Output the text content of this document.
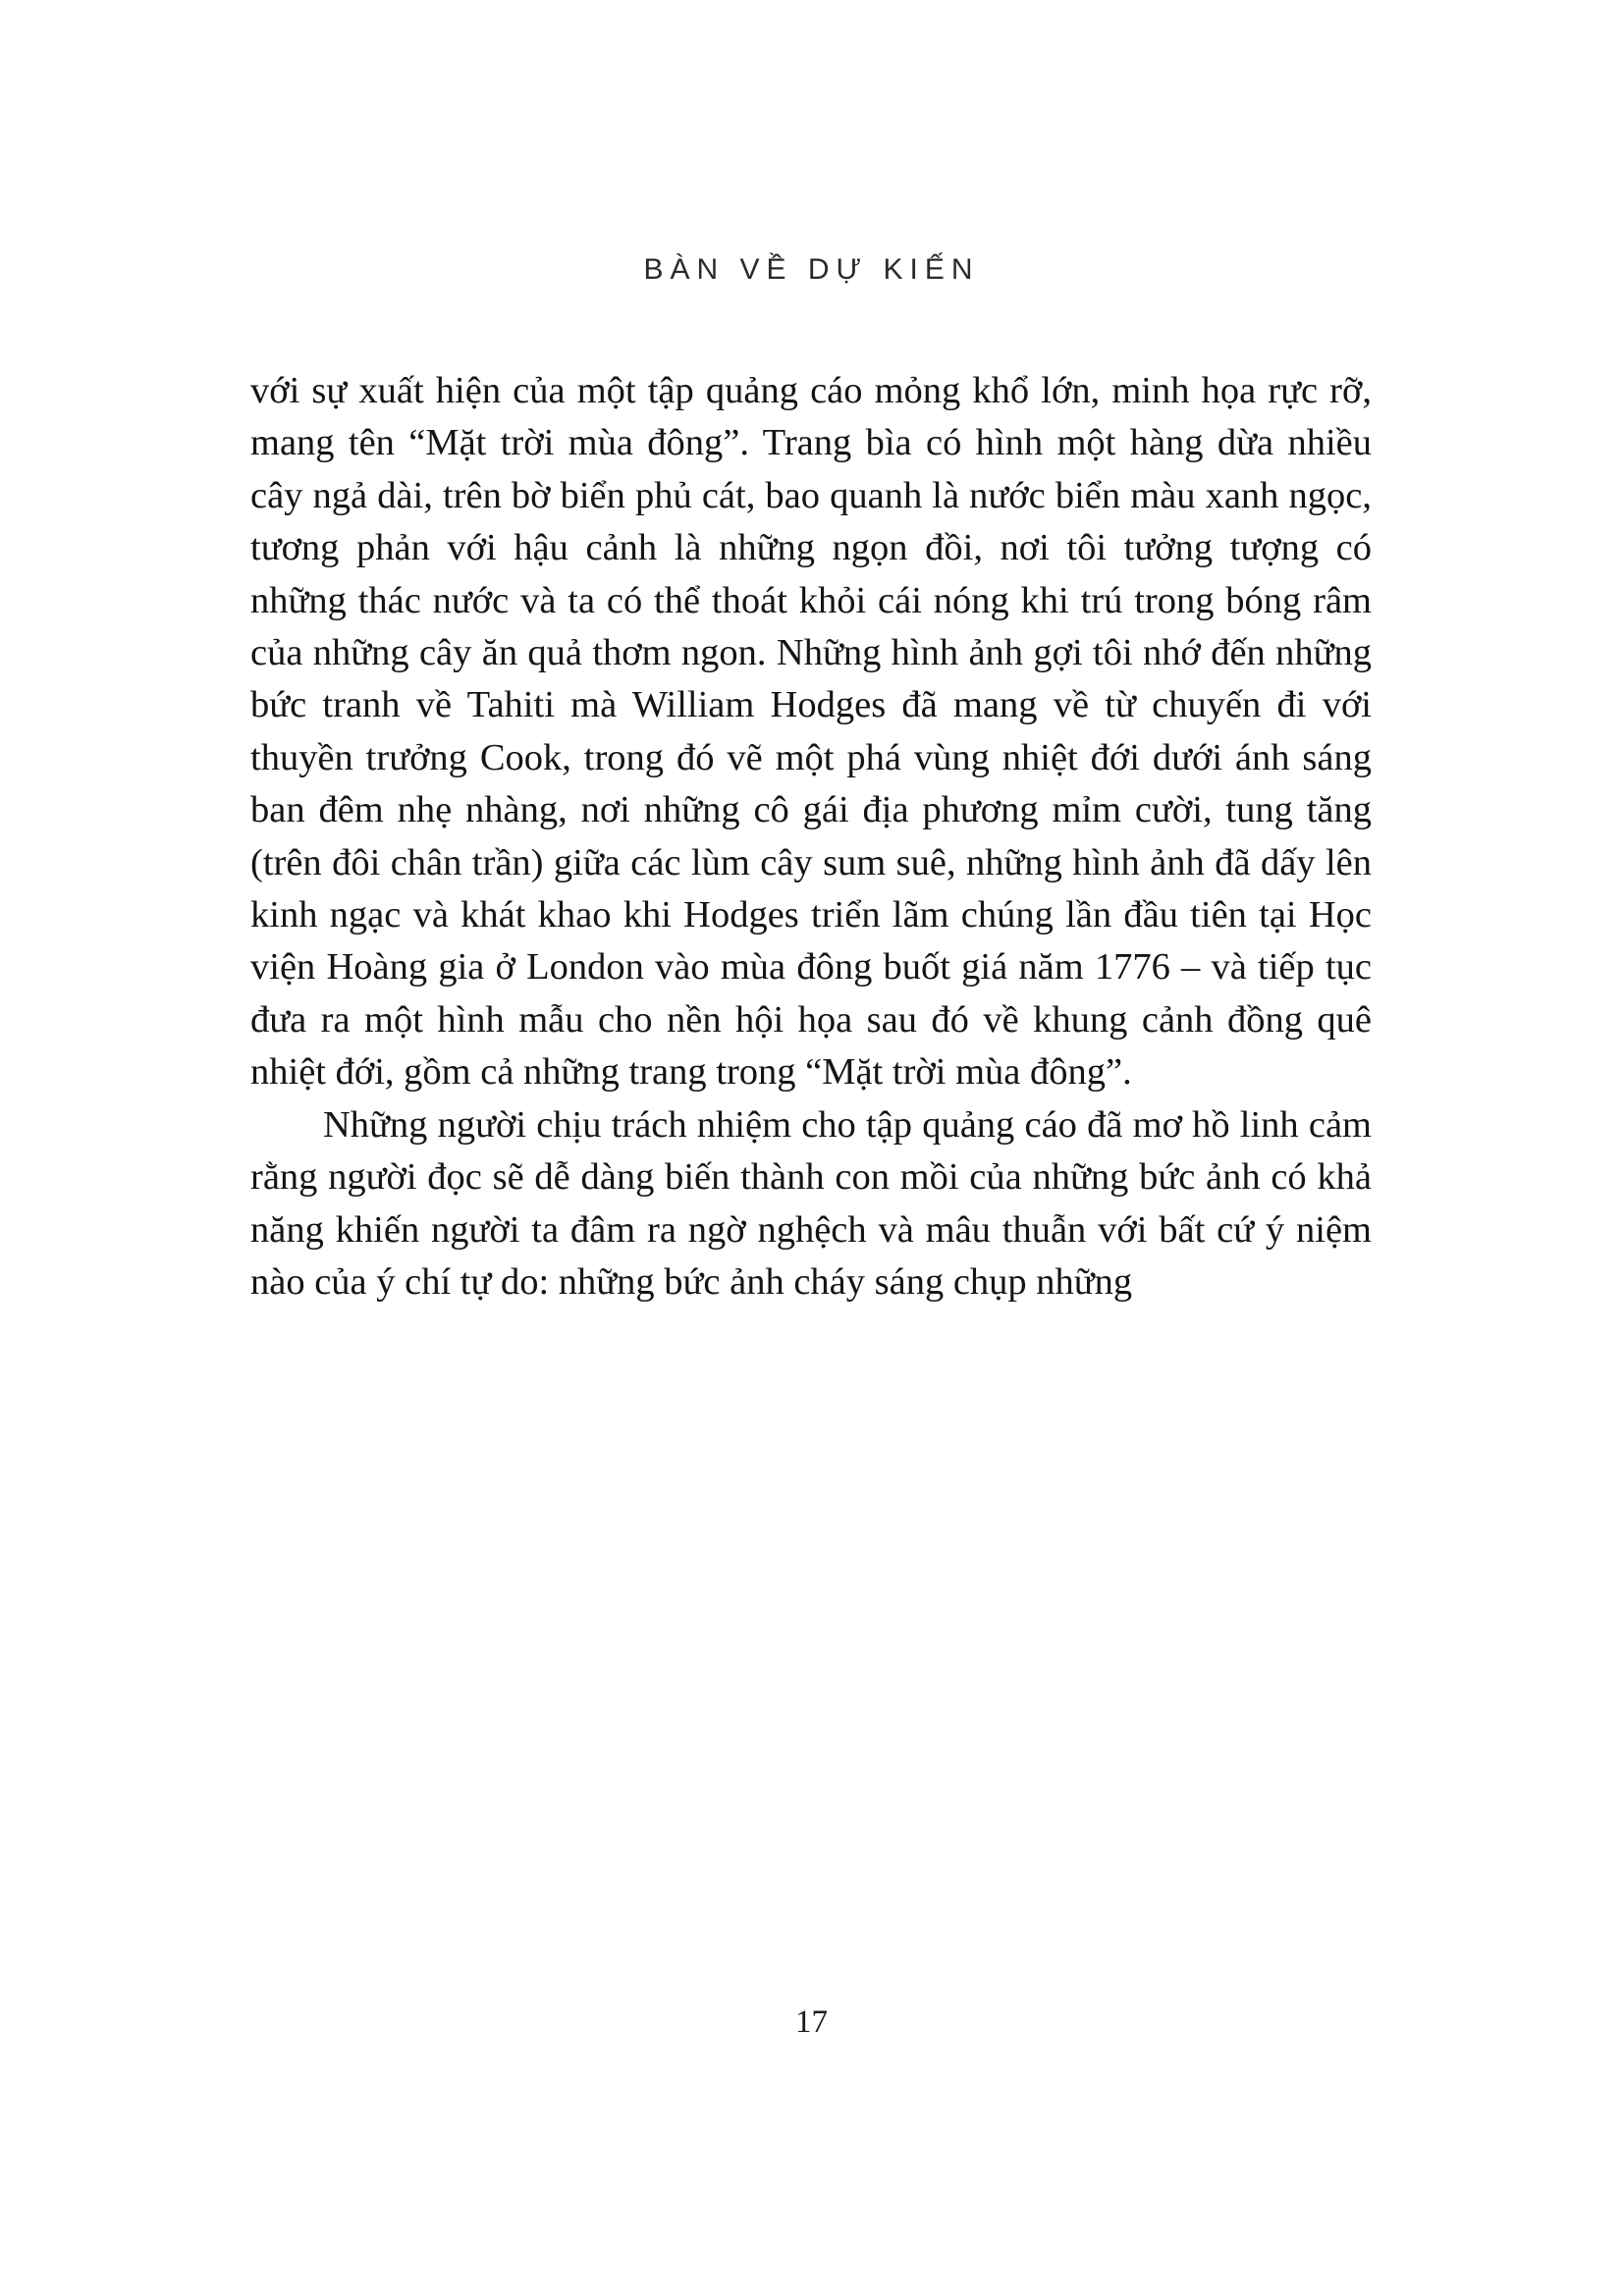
BÀN VỀ DỰ KIẾN

với sự xuất hiện của một tập quảng cáo mỏng khổ lớn, minh họa rực rỡ, mang tên “Mặt trời mùa đông”. Trang bìa có hình một hàng dừa nhiều cây ngả dài, trên bờ biển phủ cát, bao quanh là nước biển màu xanh ngọc, tương phản với hậu cảnh là những ngọn đồi, nơi tôi tưởng tượng có những thác nước và ta có thể thoát khỏi cái nóng khi trú trong bóng râm của những cây ăn quả thơm ngon. Những hình ảnh gợi tôi nhớ đến những bức tranh về Tahiti mà William Hodges đã mang về từ chuyến đi với thuyền trưởng Cook, trong đó vẽ một phá vùng nhiệt đới dưới ánh sáng ban đêm nhẹ nhàng, nơi những cô gái địa phương mỉm cười, tung tăng (trên đôi chân trần) giữa các lùm cây sum suê, những hình ảnh đã dấy lên kinh ngạc và khát khao khi Hodges triển lãm chúng lần đầu tiên tại Học viện Hoàng gia ở London vào mùa đông buốt giá năm 1776 – và tiếp tục đưa ra một hình mẫu cho nền hội họa sau đó về khung cảnh đồng quê nhiệt đới, gồm cả những trang trong “Mặt trời mùa đông”.

Những người chịu trách nhiệm cho tập quảng cáo đã mơ hồ linh cảm rằng người đọc sẽ dễ dàng biến thành con mồi của những bức ảnh có khả năng khiến người ta đâm ra ngờ nghệch và mâu thuẫn với bất cứ ý niệm nào của ý chí tự do: những bức ảnh cháy sáng chụp những

17
